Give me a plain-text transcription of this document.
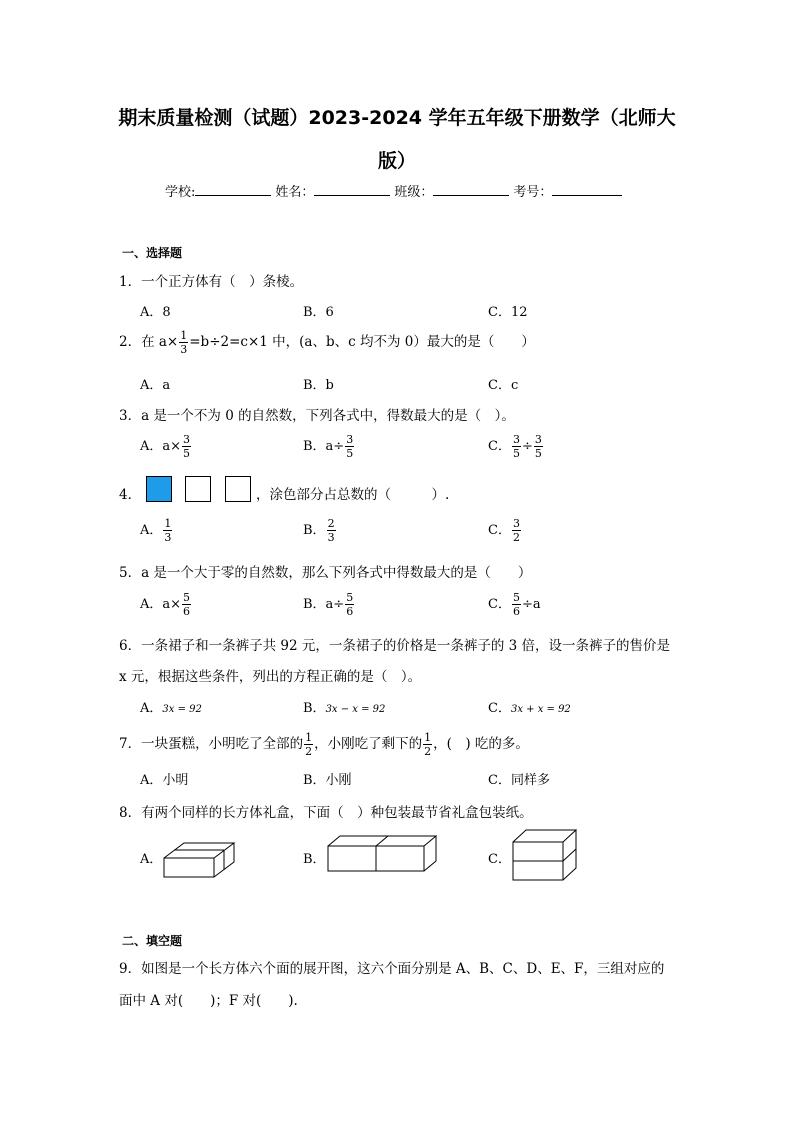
期末质量检测（试题）2023-2024 学年五年级下册数学（北师大
版）
学校:	姓名：	班级：	考号：
一、选择题
1．一个正方体有（　）条棱。
A．8	B．6	C．12
2．在 $a\times \frac{1}{3} =b\div 2=c\times 1$ 中，(a、b、c 均不为 0）最大的是（　　）
A．a	B．b	C．c
3．a 是一个不为 0 的自然数，下列各式中，得数最大的是（　）。
A．$a\times \frac{3}{5}$	B．$a\div \frac{3}{5}$	C． $\frac{3}{5} \div \frac{3}{5}$
4．	，涂色部分占总数的（　　　）.
A． $\frac{1}{3}$	B． $\frac{2}{3}$	C． $\frac{3}{2}$
5．a 是一个大于零的自然数，那么下列各式中得数最大的是（　　）
A．$a\times \frac{5}{6}$	B．$a\div \frac{5}{6}$	C． $\frac{5}{6} \div a$
6．一条裙子和一条裤子共 92 元，一条裙子的价格是一条裤子的 3 倍，设一条裤子的售价是
x 元，根据这些条件，列出的方程正确的是（　）。
A．3x = 92	B．3x − x = 92	C．3x + x = 92
7．一块蛋糕，小明吃了全部的 $\frac{1}{2}$ ，小刚吃了剩下的 $\frac{1}{2}$ ，(　) 吃的多。
A．小明	B．小刚	C．同样多
8．有两个同样的长方体礼盒，下面（　）种包装最节省礼盒包装纸。
A．	B．	C．
二、填空题
9．如图是一个长方体六个面的展开图，这六个面分别是 A、B、C、D、E、F，三组对应的
面中 A 对(　　)；F 对(　　).
